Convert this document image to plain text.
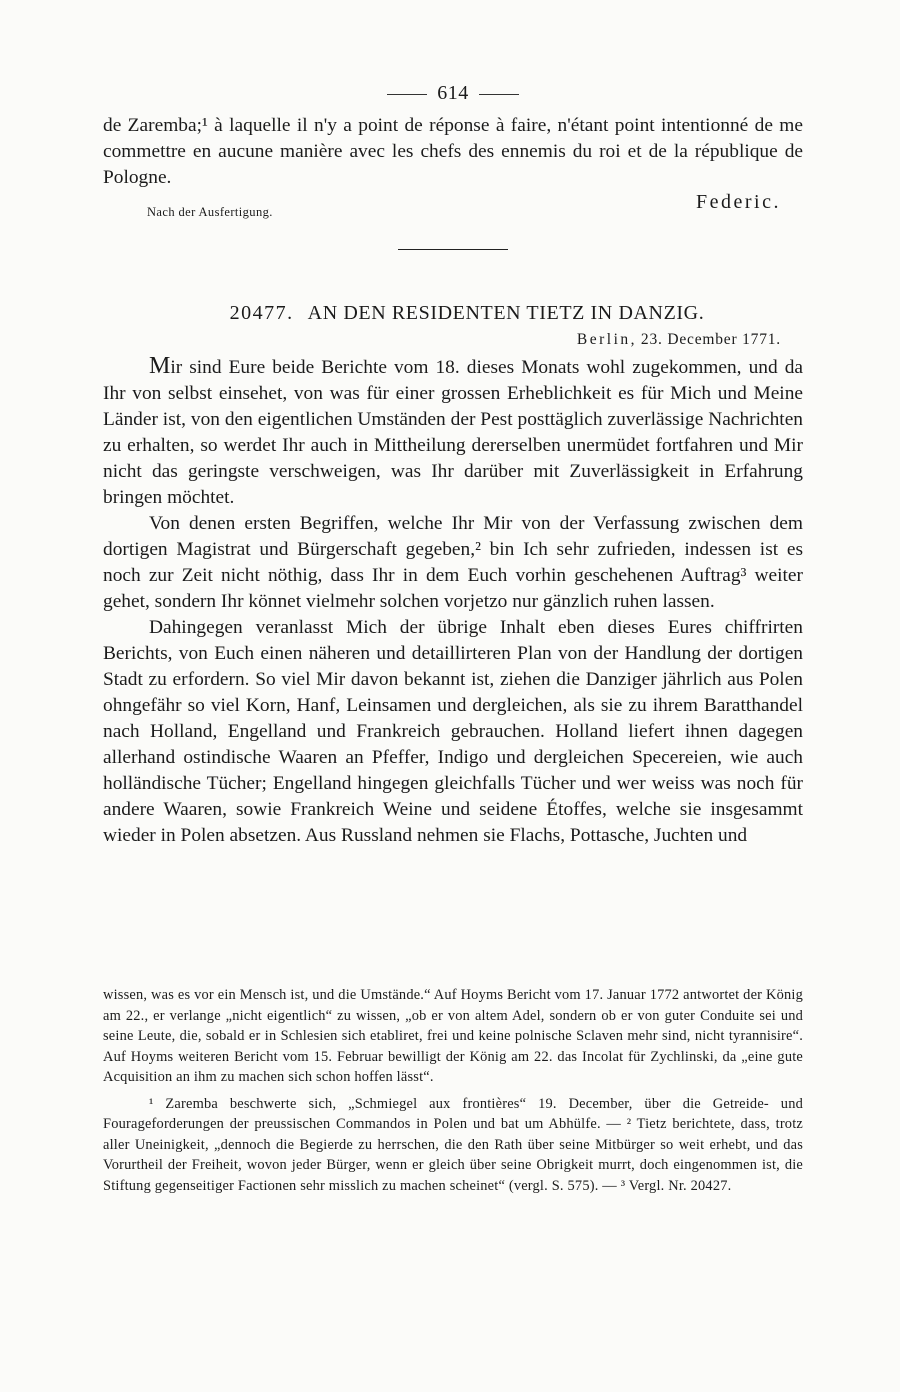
614

de Zaremba;¹ à laquelle il n'y a point de réponse à faire, n'étant point intentionné de me commettre en aucune manière avec les chefs des ennemis du roi et de la république de Pologne.

Nach der Ausfertigung.	Federic.
20477. AN DEN RESIDENTEN TIETZ IN DANZIG.
Berlin, 23. December 1771.

Mir sind Eure beide Berichte vom 18. dieses Monats wohl zugekommen, und da Ihr von selbst einsehet, von was für einer grossen Erheblichkeit es für Mich und Meine Länder ist, von den eigentlichen Umständen der Pest posttäglich zuverlässige Nachrichten zu erhalten, so werdet Ihr auch in Mittheilung dererselben unermüdet fortfahren und Mir nicht das geringste verschweigen, was Ihr darüber mit Zuverlässigkeit in Erfahrung bringen möchtet.

Von denen ersten Begriffen, welche Ihr Mir von der Verfassung zwischen dem dortigen Magistrat und Bürgerschaft gegeben,² bin Ich sehr zufrieden, indessen ist es noch zur Zeit nicht nöthig, dass Ihr in dem Euch vorhin geschehenen Auftrag³ weiter gehet, sondern Ihr könnet vielmehr solchen vorjetzo nur gänzlich ruhen lassen.

Dahingegen veranlasst Mich der übrige Inhalt eben dieses Eures chiffrirten Berichts, von Euch einen näheren und detaillirteren Plan von der Handlung der dortigen Stadt zu erfordern. So viel Mir davon bekannt ist, ziehen die Danziger jährlich aus Polen ohngefähr so viel Korn, Hanf, Leinsamen und dergleichen, als sie zu ihrem Baratthandel nach Holland, Engelland und Frankreich gebrauchen. Holland liefert ihnen dagegen allerhand ostindische Waaren an Pfeffer, Indigo und dergleichen Specereien, wie auch holländische Tücher; Engelland hingegen gleichfalls Tücher und wer weiss was noch für andere Waaren, sowie Frankreich Weine und seidene Étoffes, welche sie insgesammt wieder in Polen absetzen. Aus Russland nehmen sie Flachs, Pottasche, Juchten und

wissen, was es vor ein Mensch ist, und die Umstände.“ Auf Hoyms Bericht vom 17. Januar 1772 antwortet der König am 22., er verlange „nicht eigentlich“ zu wissen, „ob er von altem Adel, sondern ob er von guter Conduite sei und seine Leute, die, sobald er in Schlesien sich etabliret, frei und keine polnische Sclaven mehr sind, nicht tyrannisire“. Auf Hoyms weiteren Bericht vom 15. Februar bewilligt der König am 22. das Incolat für Zychlinski, da „eine gute Acquisition an ihm zu machen sich schon hoffen lässt“.

¹ Zaremba beschwerte sich, „Schmiegel aux frontières“ 19. December, über die Getreide- und Fourageforderungen der preussischen Commandos in Polen und bat um Abhülfe. — ² Tietz berichtete, dass, trotz aller Uneinigkeit, „dennoch die Begierde zu herrschen, die den Rath über seine Mitbürger so weit erhebt, und das Vorurtheil der Freiheit, wovon jeder Bürger, wenn er gleich über seine Obrigkeit murrt, doch eingenommen ist, die Stiftung gegenseitiger Factionen sehr misslich zu machen scheinet“ (vergl. S. 575). — ³ Vergl. Nr. 20427.
